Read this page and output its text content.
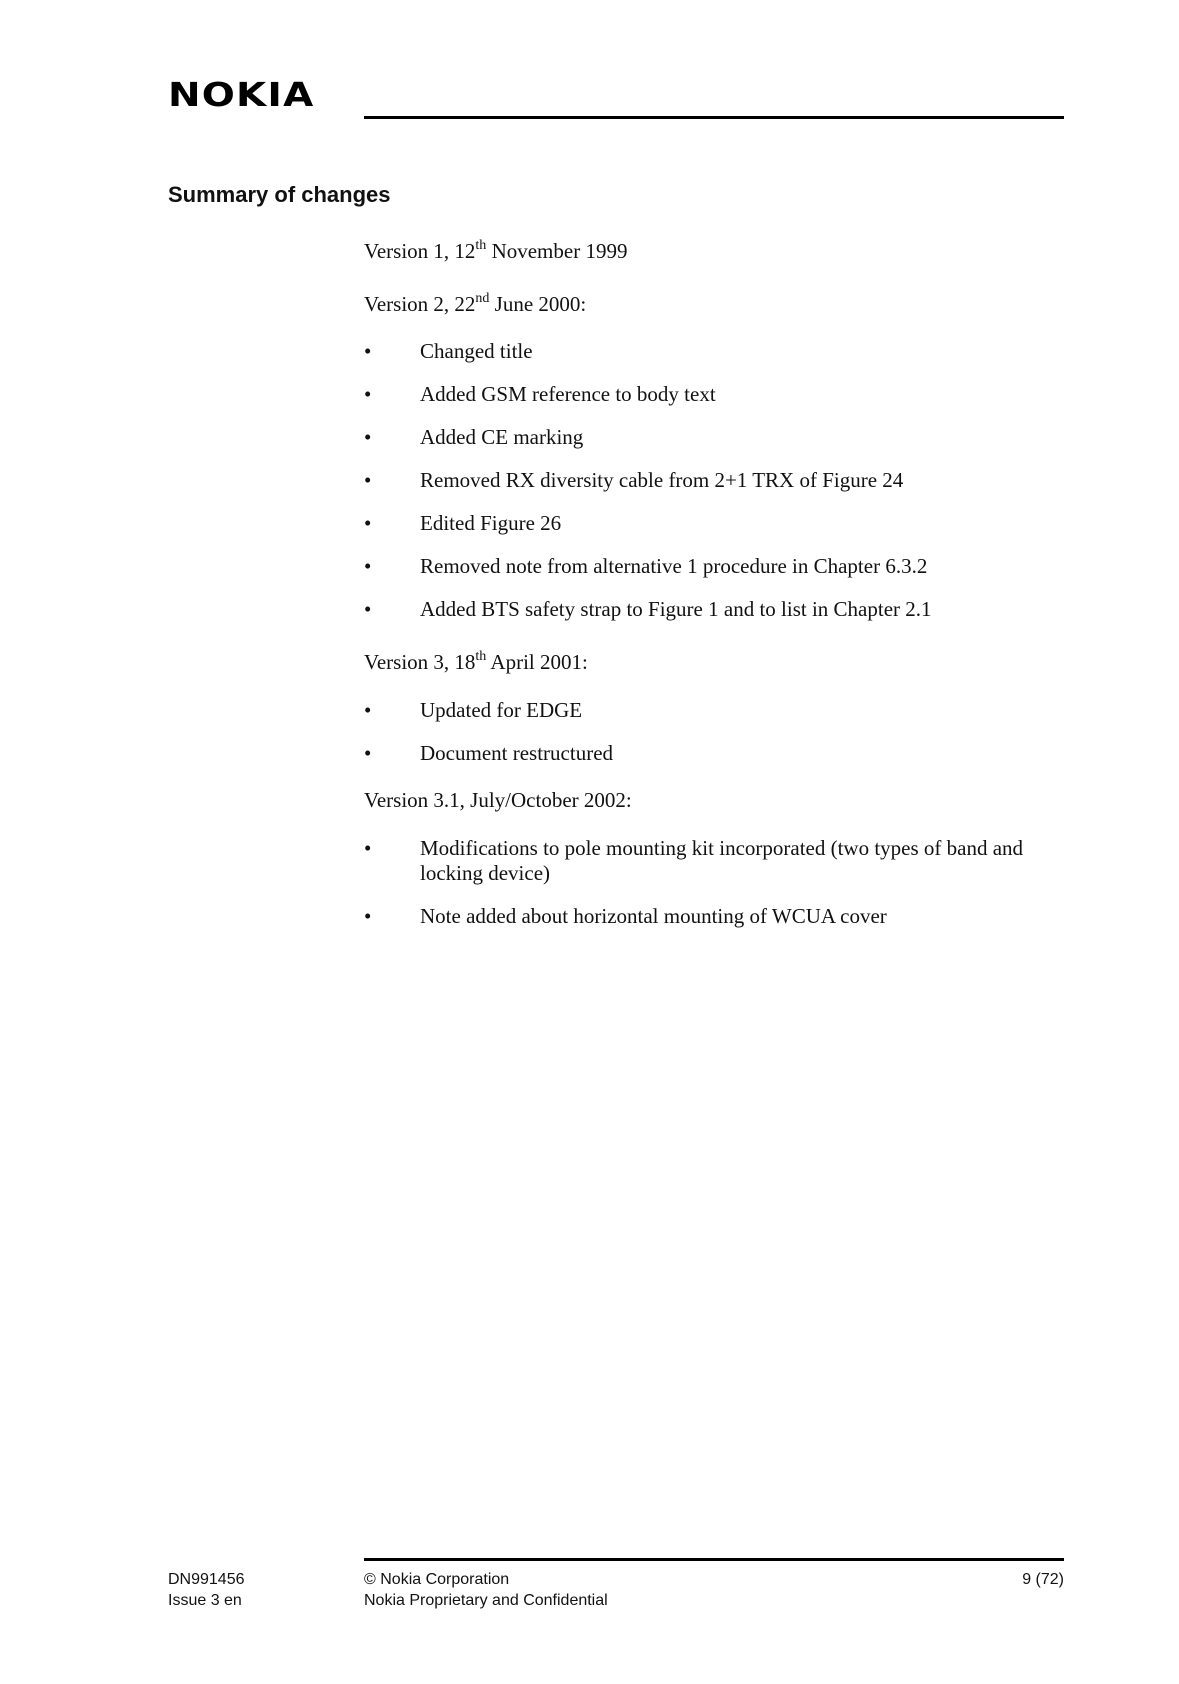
NOKIA
Summary of changes
Version 1, 12th November 1999
Version 2, 22nd June 2000:
• Changed title
• Added GSM reference to body text
• Added CE marking
• Removed RX diversity cable from 2+1 TRX of Figure 24
• Edited Figure 26
• Removed note from alternative 1 procedure in Chapter 6.3.2
• Added BTS safety strap to Figure 1 and to list in Chapter 2.1
Version 3, 18th April 2001:
• Updated for EDGE
• Document restructured
Version 3.1, July/October 2002:
• Modifications to pole mounting kit incorporated (two types of band and locking device)
• Note added about horizontal mounting of WCUA cover
DN991456
Issue 3 en
© Nokia Corporation
Nokia Proprietary and Confidential
9 (72)
